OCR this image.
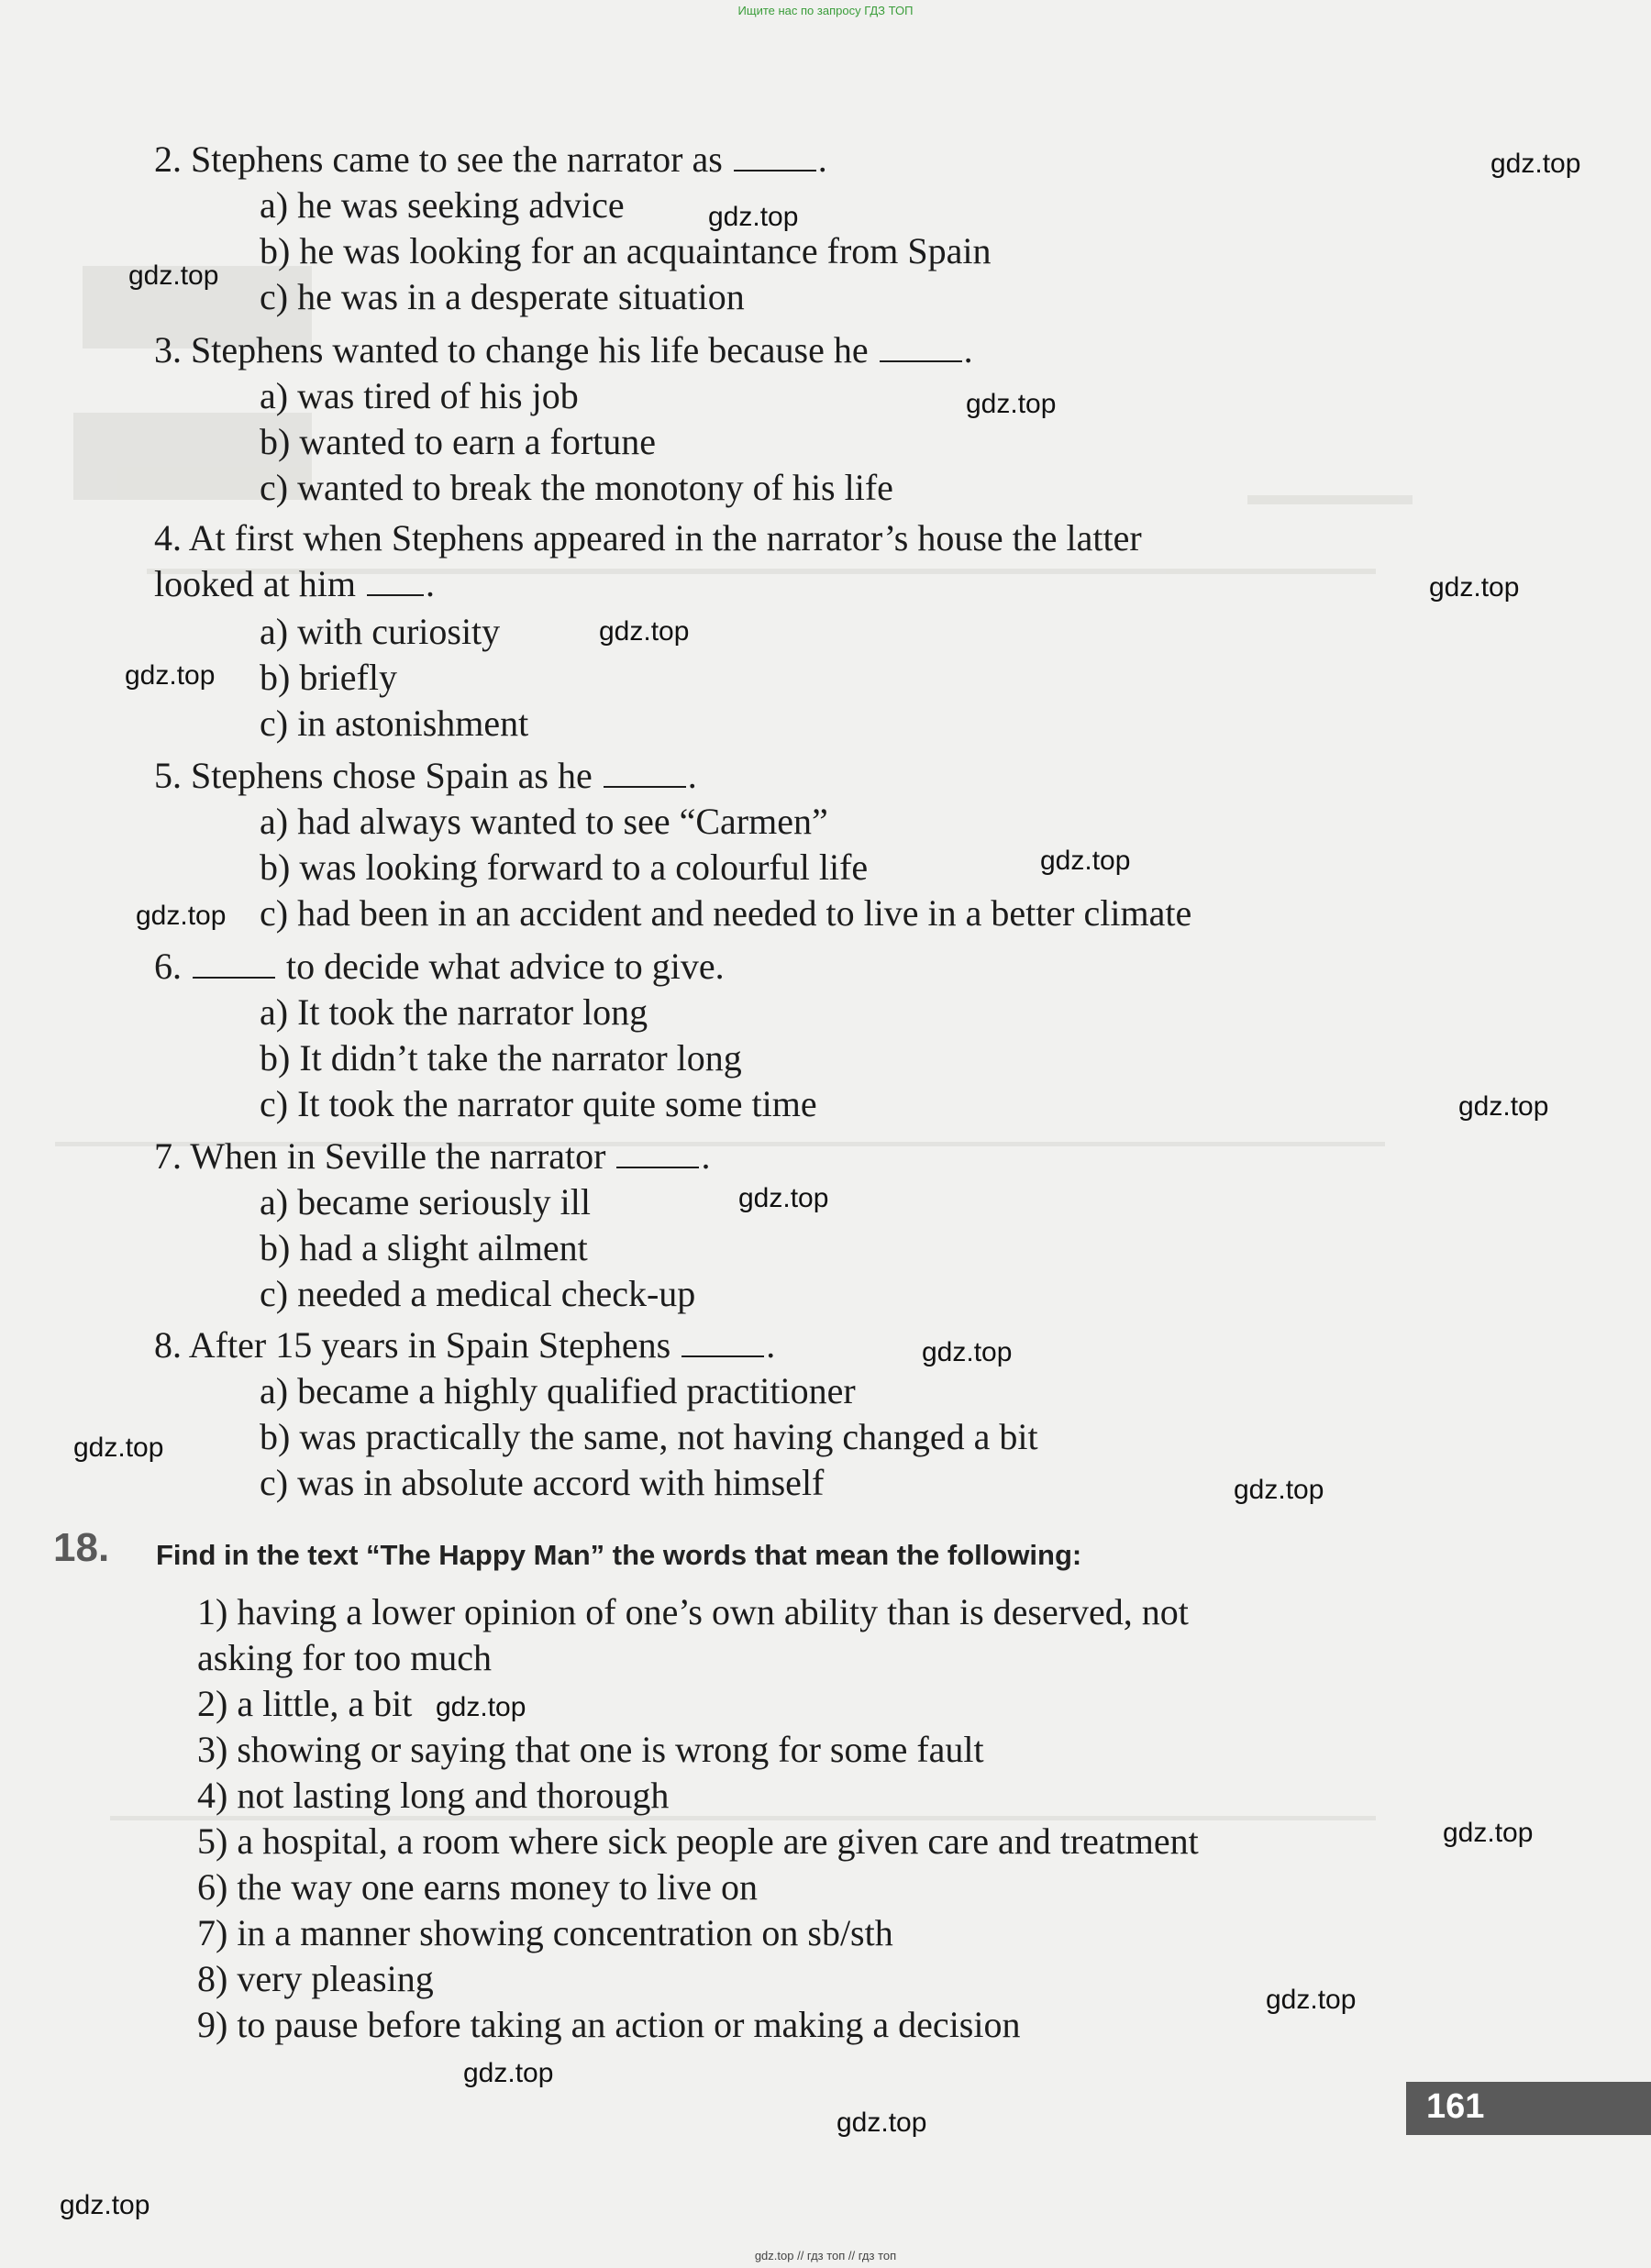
Ищите нас по запросу ГДЗ ТОП
2. Stephens came to see the narrator as	.
a) he was seeking advice
b) he was looking for an acquaintance from Spain
c) he was in a desperate situation
3. Stephens wanted to change his life because he	.
a) was tired of his job
b) wanted to earn a fortune
c) wanted to break the monotony of his life
4. At first when Stephens appeared in the narrator’s house the latter
looked at him .
a) with curiosity
b) briefly
c) in astonishment
5. Stephens chose Spain as he	.
a) had always wanted to see “Carmen”
b) was looking forward to a colourful life
c) had been in an accident and needed to live in a better climate
6.	to decide what advice to give.
a) It took the narrator long
b) It didn’t take the narrator long
c) It took the narrator quite some time
7. When in Seville the narrator	.
a) became seriously ill
b) had a slight ailment
c) needed a medical check-up
8. After 15 years in Spain Stephens	.
a) became a highly qualified practitioner
b) was practically the same, not having changed a bit
c) was in absolute accord with himself
18. Find in the text “The Happy Man” the words that mean the following:
1) having a lower opinion of one’s own ability than is deserved, not
asking for too much
2) a little, a bit
3) showing or saying that one is wrong for some fault
4) not lasting long and thorough
5) a hospital, a room where sick people are given care and treatment
6) the way one earns money to live on
7) in a manner showing concentration on sb/sth
8) very pleasing
9) to pause before taking an action or making a decision
161
gdz.top
gdz.top
gdz.top
gdz.top
gdz.top
gdz.top
gdz.top
gdz.top
gdz.top
gdz.top
gdz.top
gdz.top
gdz.top
gdz.top
gdz.top
gdz.top
gdz.top
gdz.top
gdz.top
gdz.top
gdz.top // гдз топ // гдз топ
